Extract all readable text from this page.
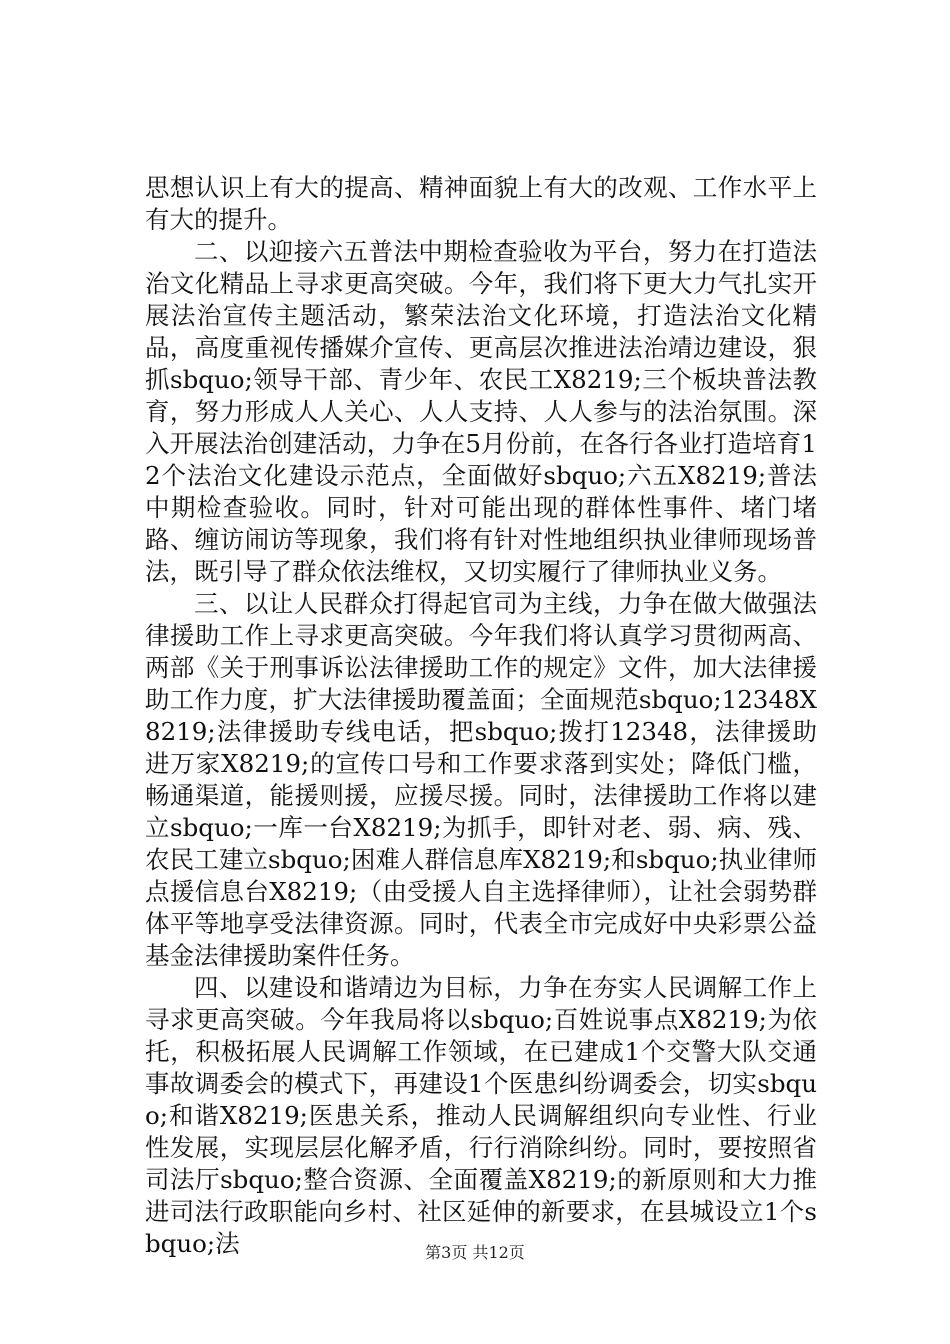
思想认识上有大的提高、精神面貌上有大的改观、工作水平上有大的提升。

二、以迎接六五普法中期检查验收为平台，努力在打造法治文化精品上寻求更高突破。今年，我们将下更大力气扎实开展法治宣传主题活动，繁荣法治文化环境，打造法治文化精品，高度重视传播媒介宣传、更高层次推进法治靖边建设，狠抓sbquo;领导干部、青少年、农民工X8219;三个板块普法教育，努力形成人人关心、人人支持、人人参与的法治氛围。深入开展法治创建活动，力争在5月份前，在各行各业打造培育12个法治文化建设示范点，全面做好sbquo;六五X8219;普法中期检查验收。同时，针对可能出现的群体性事件、堵门堵路、缠访闹访等现象，我们将有针对性地组织执业律师现场普法，既引导了群众依法维权，又切实履行了律师执业义务。

三、以让人民群众打得起官司为主线，力争在做大做强法律援助工作上寻求更高突破。今年我们将认真学习贯彻两高、两部《关于刑事诉讼法律援助工作的规定》文件，加大法律援助工作力度，扩大法律援助覆盖面；全面规范sbquo;12348X8219;法律援助专线电话，把sbquo;拨打12348，法律援助进万家X8219;的宣传口号和工作要求落到实处；降低门槛，畅通渠道，能援则援，应援尽援。同时，法律援助工作将以建立sbquo;一库一台X8219;为抓手，即针对老、弱、病、残、农民工建立sbquo;困难人群信息库X8219;和sbquo;执业律师点援信息台X8219;（由受援人自主选择律师），让社会弱势群体平等地享受法律资源。同时，代表全市完成好中央彩票公益基金法律援助案件任务。

四、以建设和谐靖边为目标，力争在夯实人民调解工作上寻求更高突破。今年我局将以sbquo;百姓说事点X8219;为依托，积极拓展人民调解工作领域，在已建成1个交警大队交通事故调委会的模式下，再建设1个医患纠纷调委会，切实sbquo;和谐X8219;医患关系，推动人民调解组织向专业性、行业性发展，实现层层化解矛盾，行行消除纠纷。同时，要按照省司法厅sbquo;整合资源、全面覆盖X8219;的新原则和大力推进司法行政职能向乡村、社区延伸的新要求，在县城设立1个sbquo;法	第3页 共12页
